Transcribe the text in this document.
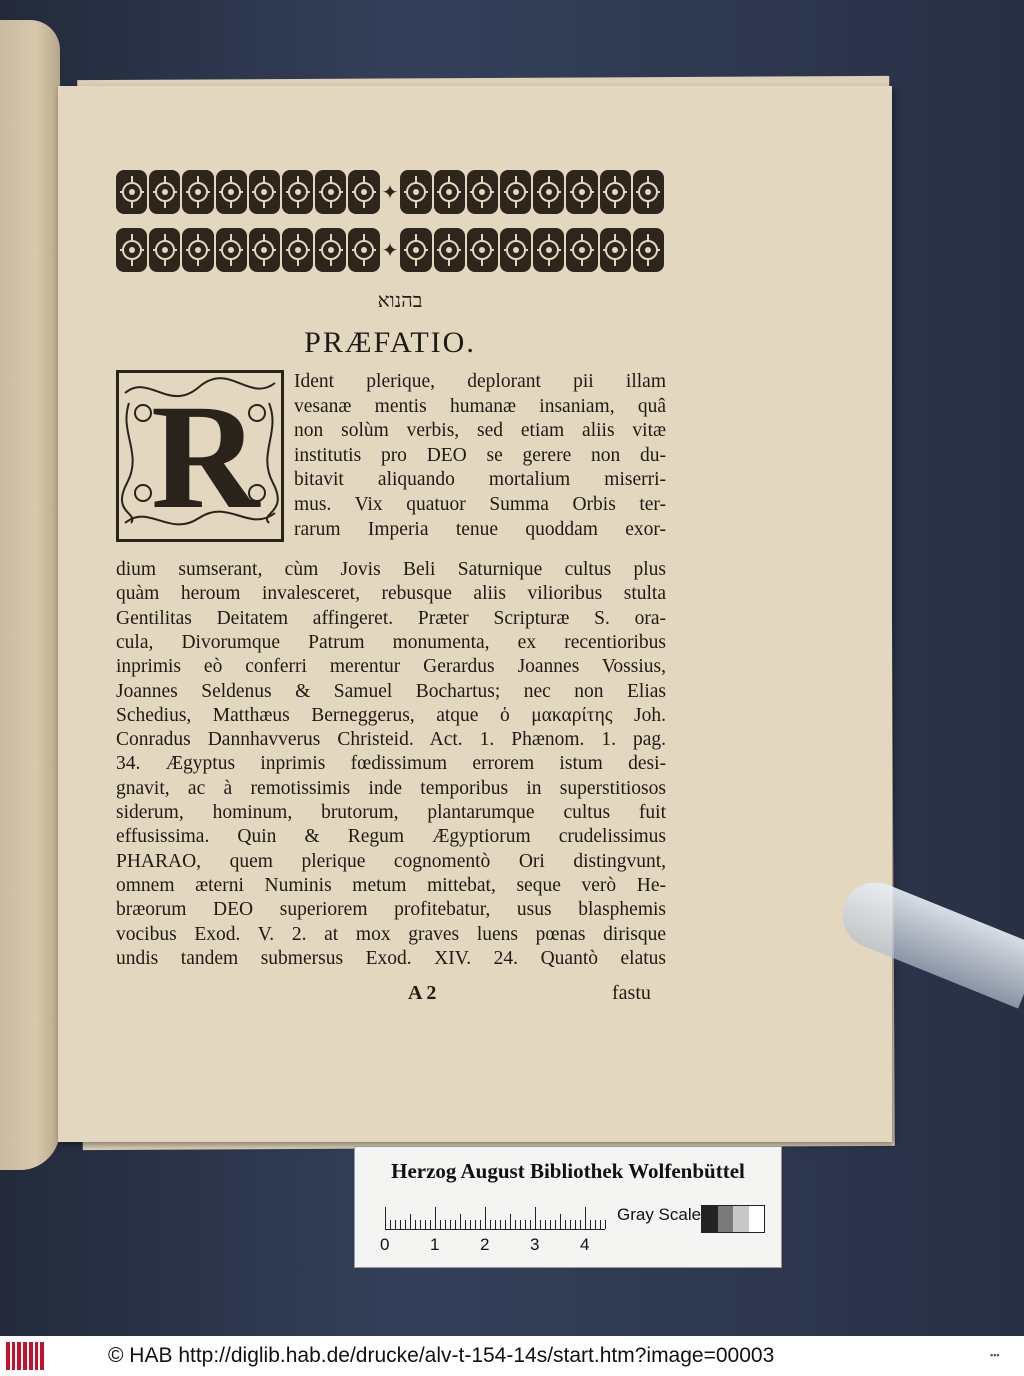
✦
✦
בהנוא
PRÆFATIO.
R Ident plerique, deplorant pii illam
vesanæ mentis humanæ insaniam, quâ
non solùm verbis, sed etiam aliis vitæ
institutis pro DEO se gerere non du-
bitavit aliquando mortalium miserri-
mus. Vix quatuor Summa Orbis ter-
rarum Imperia tenue quoddam exor-
dium sumserant, cùm Jovis Beli Saturnique cultus plus
quàm heroum invalesceret, rebusque aliis vilioribus stulta
Gentilitas Deitatem affingeret. Præter Scripturæ S. ora-
cula, Divorumque Patrum monumenta, ex recentioribus
inprimis eò conferri merentur Gerardus Joannes Vossius,
Joannes Seldenus & Samuel Bochartus; nec non Elias
Schedius, Matthæus Berneggerus, atque ὁ μακαρίτης Joh.
Conradus Dannhavverus Christeid. Act. 1. Phænom. 1. pag.
34. Ægyptus inprimis fœdissimum errorem istum desi-
gnavit, ac à remotissimis inde temporibus in superstitiosos
siderum, hominum, brutorum, plantarumque cultus fuit
effusissima. Quin & Regum Ægyptiorum crudelissimus
PHARAO, quem plerique cognomentò Ori distingvunt,
omnem æterni Numinis metum mittebat, seque verò He-
bræorum DEO superiorem profitebatur, usus blasphemis
vocibus Exod. V. 2. at mox graves luens pœnas dirisque
undis tandem submersus Exod. XIV. 24. Quantò elatus
A 2	fastu
Herzog August Bibliothek Wolfenbüttel
0 1 2 3 4
Gray Scale
© HAB http://diglib.hab.de/drucke/alv-t-154-14s/start.htm?image=00003	▪▪▪
